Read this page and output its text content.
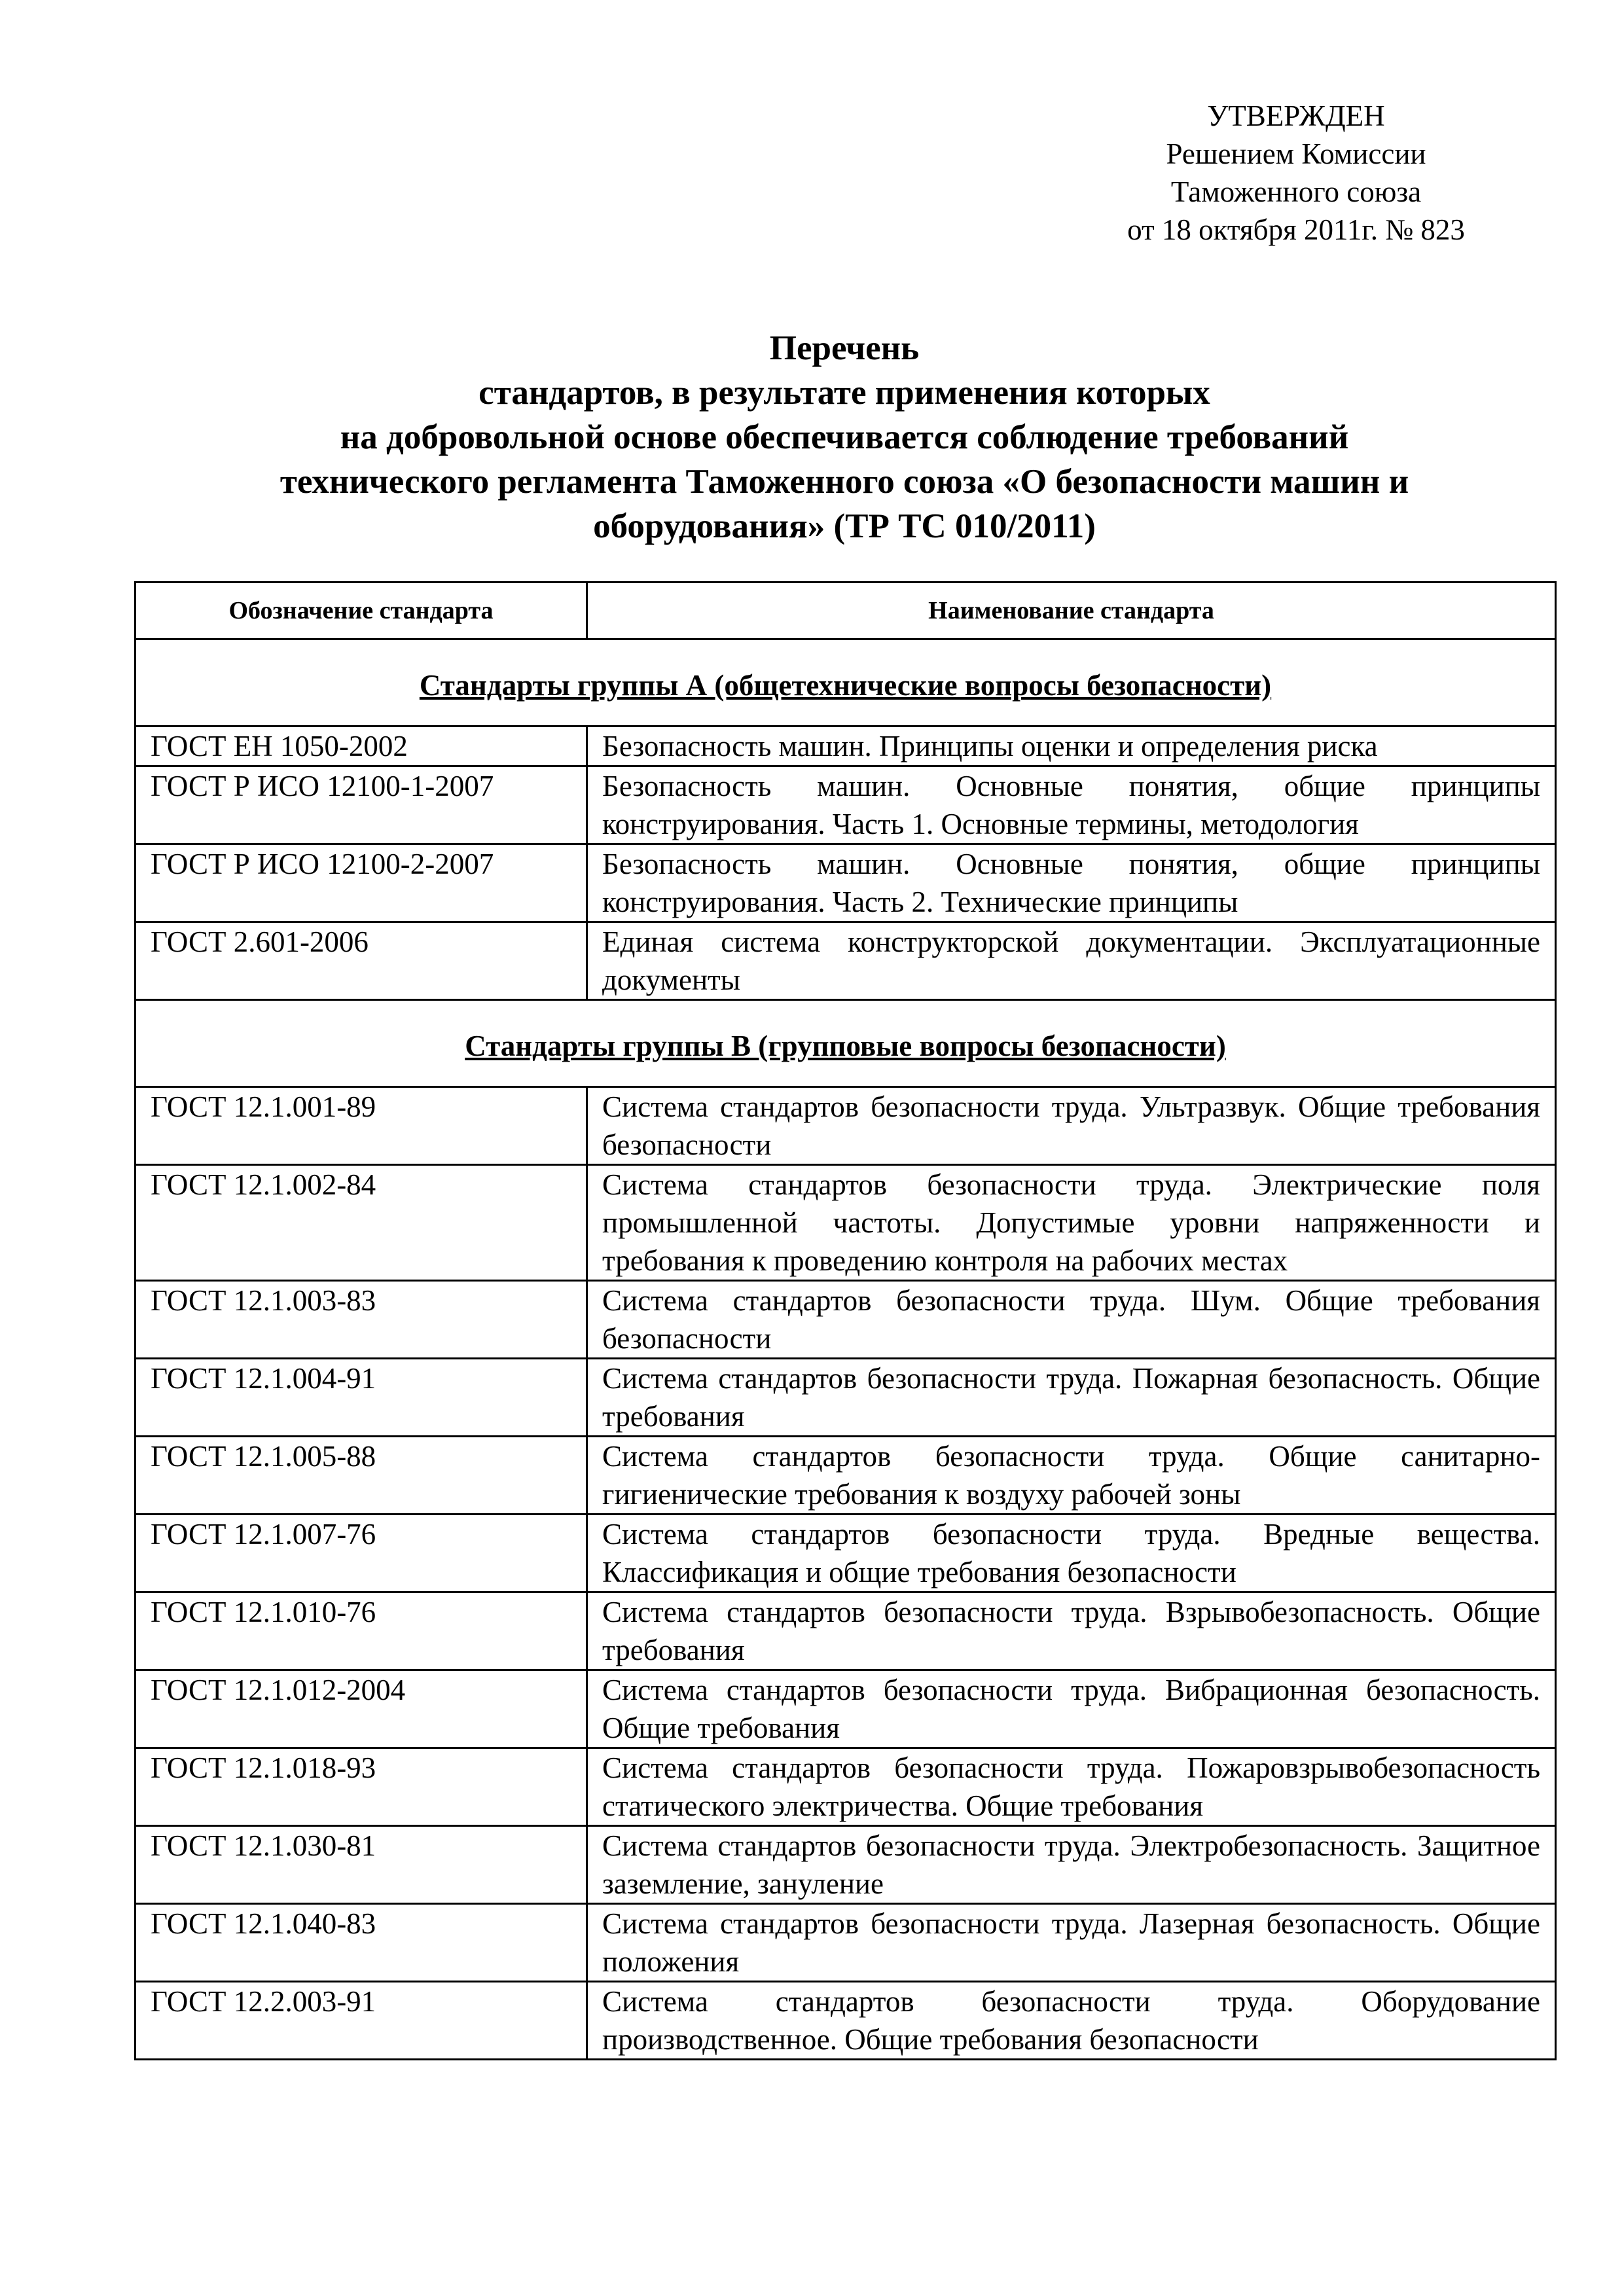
УТВЕРЖДЕН
Решением Комиссии
Таможенного союза
от 18 октября 2011г. № 823
Перечень
стандартов, в результате применения которых
на добровольной основе обеспечивается соблюдение требований
технического регламента Таможенного союза «О безопасности машин и
оборудования» (ТР ТС 010/2011)
Обозначение стандарта	Наименование стандарта
Стандарты группы А (общетехнические вопросы безопасности)	
ГОСТ ЕН 1050-2002	Безопасность машин. Принципы оценки и определения риска
ГОСТ Р ИСО 12100-1-2007	Безопасность машин. Основные понятия, общие принципы конструирования. Часть 1. Основные термины, методология
ГОСТ Р ИСО 12100-2-2007	Безопасность машин. Основные понятия, общие принципы конструирования. Часть 2. Технические принципы
ГОСТ 2.601-2006	Единая система конструкторской документации. Эксплуатационные документы
Стандарты группы В (групповые вопросы безопасности)	
ГОСТ 12.1.001-89	Система стандартов безопасности труда. Ультразвук. Общие требования безопасности
ГОСТ 12.1.002-84	Система стандартов безопасности труда. Электрические поля промышленной частоты. Допустимые уровни напряженности и требования к проведению контроля на рабочих местах
ГОСТ 12.1.003-83	Система стандартов безопасности труда. Шум. Общие требования безопасности
ГОСТ 12.1.004-91	Система стандартов безопасности труда. Пожарная безопасность. Общие требования
ГОСТ 12.1.005-88	Система стандартов безопасности труда. Общие санитарно-гигиенические требования к воздуху рабочей зоны
ГОСТ 12.1.007-76	Система стандартов безопасности труда. Вредные вещества. Классификация и общие требования безопасности
ГОСТ 12.1.010-76	Система стандартов безопасности труда. Взрывобезопасность. Общие требования
ГОСТ 12.1.012-2004	Система стандартов безопасности труда. Вибрационная безопасность. Общие требования
ГОСТ 12.1.018-93	Система стандартов безопасности труда. Пожаровзрывобезопасность статического электричества. Общие требования
ГОСТ 12.1.030-81	Система стандартов безопасности труда. Электробезопасность. Защитное заземление, зануление
ГОСТ 12.1.040-83	Система стандартов безопасности труда. Лазерная безопасность. Общие положения
ГОСТ 12.2.003-91	Система стандартов безопасности труда. Оборудование производственное. Общие требования безопасности
